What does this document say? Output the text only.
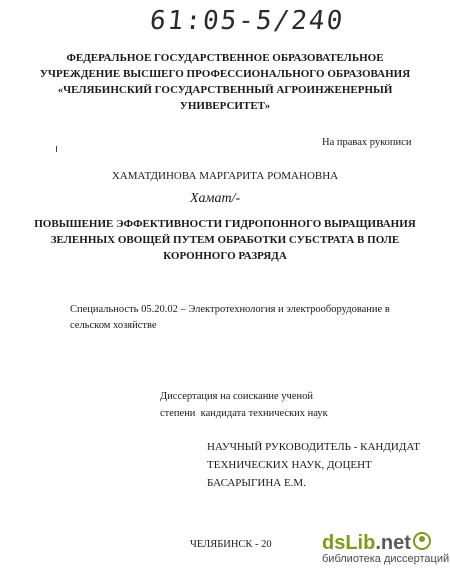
61:05-5/240
ФЕДЕРАЛЬНОЕ ГОСУДАРСТВЕННОЕ ОБРАЗОВАТЕЛЬНОЕ
УЧРЕЖДЕНИЕ ВЫСШЕГО ПРОФЕССИОНАЛЬНОГО ОБРАЗОВАНИЯ
«ЧЕЛЯБИНСКИЙ ГОСУДАРСТВЕННЫЙ АГРОИНЖЕНЕРНЫЙ
УНИВЕРСИТЕТ»
На правах рукописи
ХАМАТДИНОВА МАРГАРИТА РОМАНОВНА
Хамат/-
ПОВЫШЕНИЕ ЭФФЕКТИВНОСТИ ГИДРОПОННОГО ВЫРАЩИВАНИЯ
ЗЕЛЕННЫХ ОВОЩЕЙ ПУТЕМ ОБРАБОТКИ СУБСТРАТА В ПОЛЕ
КОРОННОГО РАЗРЯДА
Специальность 05.20.02 – Электротехнология и электрооборудование в
сельском хозяйстве
Диссертация на соискание ученой
степени  кандидата технических наук
НАУЧНЫЙ РУКОВОДИТЕЛЬ - КАНДИДАТ
ТЕХНИЧЕСКИХ НАУК, ДОЦЕНТ БАСАРЫГИНА Е.М.
ЧЕЛЯБИНСК - 20	dsLib.net
библиотека диссертаций
